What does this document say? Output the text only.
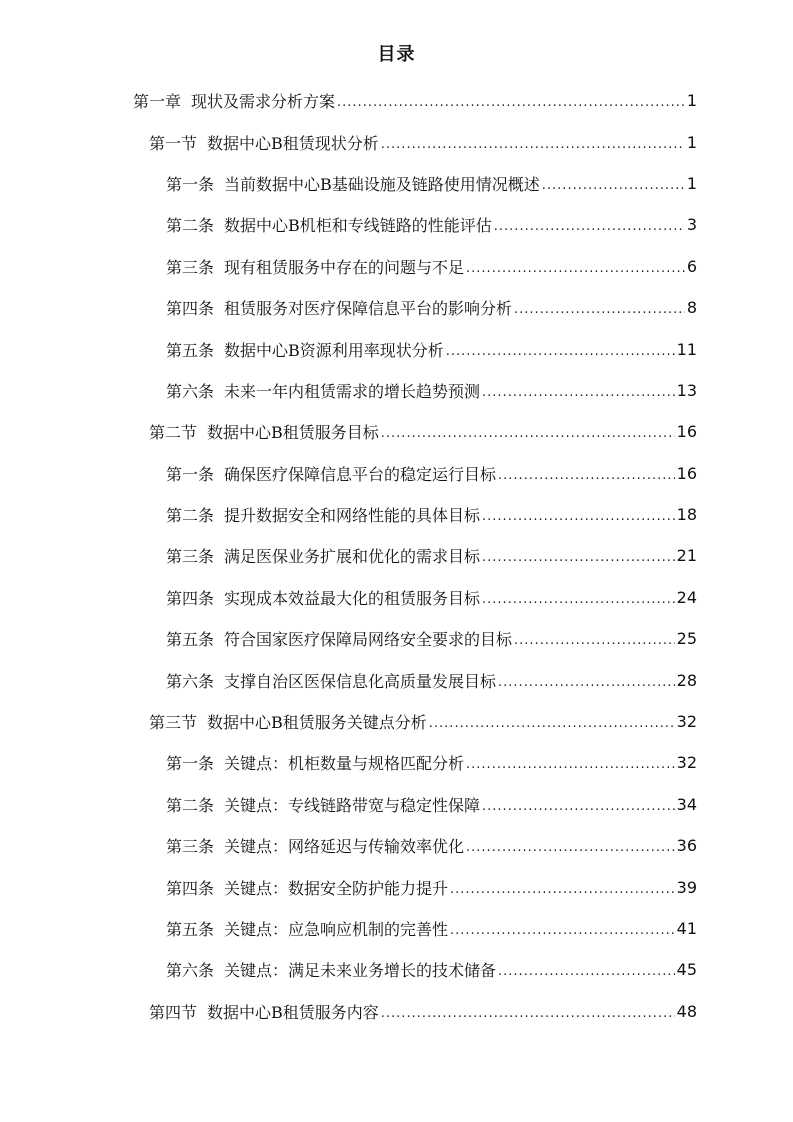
目录
第一章 现状及需求分析方案 .....	1
第一节 数据中心B租赁现状分析 .....	1
第一条 当前数据中心B基础设施及链路使用情况概述 .....	1
第二条 数据中心B机柜和专线链路的性能评估 .....	3
第三条 现有租赁服务中存在的问题与不足 .....	6
第四条 租赁服务对医疗保障信息平台的影响分析 .....	8
第五条 数据中心B资源利用率现状分析 .....	11
第六条 未来一年内租赁需求的增长趋势预测 .....	13
第二节 数据中心B租赁服务目标 .....	16
第一条 确保医疗保障信息平台的稳定运行目标 .....	16
第二条 提升数据安全和网络性能的具体目标 .....	18
第三条 满足医保业务扩展和优化的需求目标 .....	21
第四条 实现成本效益最大化的租赁服务目标 .....	24
第五条 符合国家医疗保障局网络安全要求的目标 .....	25
第六条 支撑自治区医保信息化高质量发展目标 .....	28
第三节 数据中心B租赁服务关键点分析 .....	32
第一条 关键点：机柜数量与规格匹配分析 .....	32
第二条 关键点：专线链路带宽与稳定性保障 .....	34
第三条 关键点：网络延迟与传输效率优化 .....	36
第四条 关键点：数据安全防护能力提升 .....	39
第五条 关键点：应急响应机制的完善性 .....	41
第六条 关键点：满足未来业务增长的技术储备 .....	45
第四节 数据中心B租赁服务内容 .....	48
